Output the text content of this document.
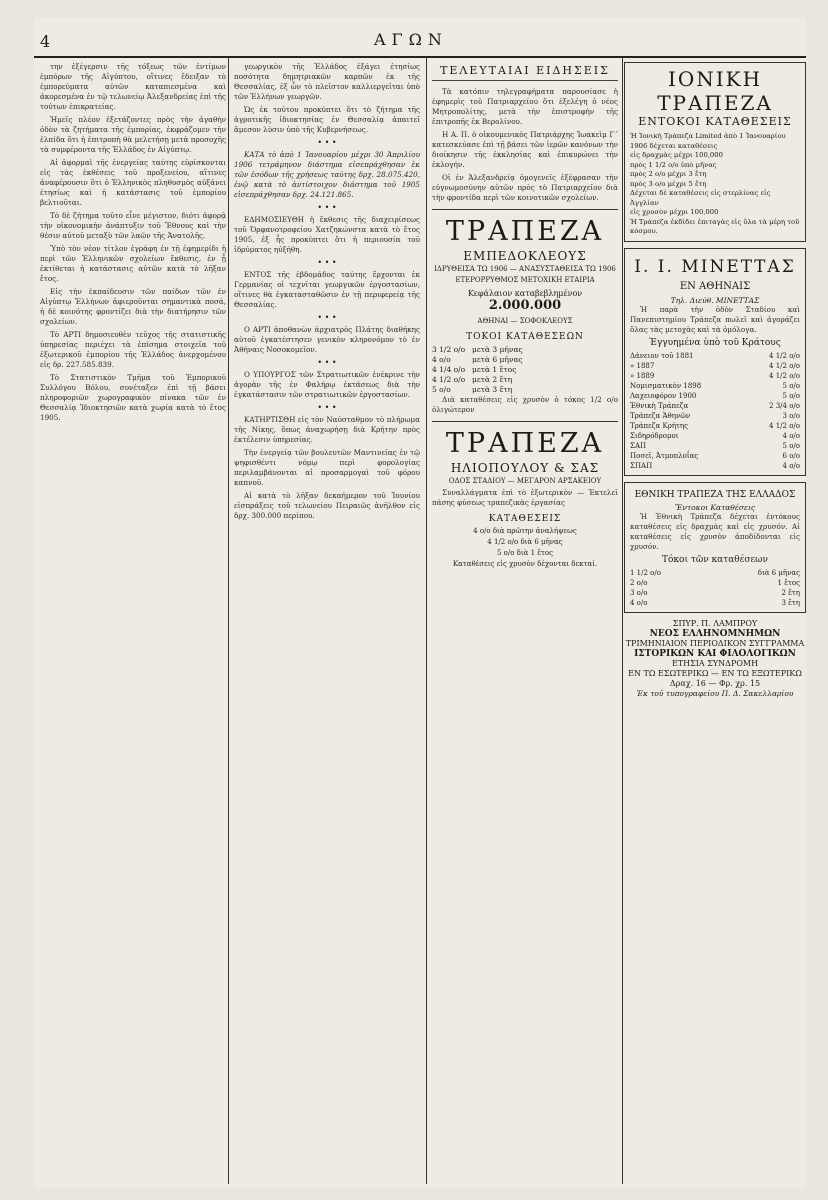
4	ΑΓΩΝ

την ἐξέγερσιν τῆς τόξεως τῶν ἐντίμων ἐμπόρων τῆς Αἰγύπτου, οἵτινες ἔδειξαν τὸ ἐμπορεύματα αὐτῶν καταπιεσμένα καὶ ἀκορεσμένα ἐν τῷ τελωνείῳ Ἀλεξανδρείας ἐπὶ τῆς τούτων ἐπικρατείας.

Ἡμεῖς πλέον ἐξετάζοντες πρὸς τὴν ἀγαθὴν ὁδὸν τὰ ζητήματα τῆς ἐμπορίας, ἐκφράζομεν τὴν ἐλπίδα ὅτι ἡ ἐπιτροπὴ θὰ μελετήσῃ μετὰ προσοχῆς τὰ συμφέροντα τῆς Ἑλλάδος ἐν Αἰγύπτῳ.

Αἱ ἀφορμαὶ τῆς ἐνεργείας ταύτης εὑρίσκονται εἰς τὰς ἐκθέσεις τοῦ προξενείου, αἵτινες ἀναφέρουσιν ὅτι ὁ Ἑλληνικὸς πληθυσμὸς αὐξάνει ἐτησίως καὶ ἡ κατάστασις τοῦ ἐμπορίου βελτιοῦται.

Τὸ δὲ ζήτημα τοῦτο εἶνε μέγιστον, διότι ἀφορᾷ τὴν οἰκονομικὴν ἀνάπτυξιν τοῦ Ἔθνους καὶ τὴν θέσιν αὐτοῦ μεταξὺ τῶν λαῶν τῆς Ἀνατολῆς.

Ὑπὸ τὸν νέον τίτλον ἐγράφη ἐν τῇ ἐφημερίδι ἡ περὶ τῶν Ἑλληνικῶν σχολείων ἔκθεσις, ἐν ᾗ ἐκτίθεται ἡ κατάστασις αὐτῶν κατὰ τὸ λῆξαν ἔτος.

Εἰς τὴν ἐκπαίδευσιν τῶν παίδων τῶν ἐν Αἰγύπτῳ Ἑλλήνων ἀφιεροῦνται σημαντικὰ ποσά, ἡ δὲ κοινότης φροντίζει διὰ τὴν διατήρησιν τῶν σχολείων.

Τὸ ΑΡΤΙ δημοσιευθὲν τεῦχος τῆς στατιστικῆς ὑπηρεσίας περιέχει τὰ ἐπίσημα στοιχεῖα τοῦ ἐξωτερικοῦ ἐμπορίου τῆς Ἑλλάδος ἀνερχομένου εἰς δρ. 227.585.839.

Τὸ Στατιστικὸν Τμῆμα τοῦ Ἐμπορικοῦ Συλλόγου Βόλου, συνέταξεν ἐπὶ τῇ βάσει πληροφοριῶν χωρογραφικὸν πίνακα τῶν ἐν Θεσσαλίᾳ Ἰδιοκτησιῶν κατὰ χωρία κατὰ τὸ ἔτος 1905.

γεωργικὸν τῆς Ἑλλάδος ἐξάγει ἐτησίως ποσότητα δημητριακῶν καρπῶν ἐκ τῆς Θεσσαλίας, ἐξ ὧν τὸ πλεῖστον καλλιεργεῖται ὑπὸ τῶν Ἑλλήνων γεωργῶν.

Ὡς ἐκ τούτου προκύπτει ὅτι τὸ ζήτημα τῆς ἀγροτικῆς ἰδιοκτησίας ἐν Θεσσαλίᾳ ἀπαιτεῖ ἄμεσον λύσιν ὑπὸ τῆς Κυβερνήσεως.

• • •

ΚΑΤΑ τὸ ἀπὸ 1 Ἰανουαρίου μέχρι 30 Ἀπριλίου 1906 τετράμηνον διάστημα εἰσεπράχθησαν ἐκ τῶν ἐσόδων τῆς χρήσεως ταύτης δρχ. 28.075.420, ἐνῷ κατὰ τὸ ἀντίστοιχον διάστημα τοῦ 1905 εἰσεπράχθησαν δρχ. 24.121.865.

• • •

ΕΔΗΜΟΣΙΕΥΘΗ ἡ ἔκθεσις τῆς διαχειρίσεως τοῦ Ὀρφανοτροφείου Χατζηκώνστα κατὰ τὸ ἔτος 1905, ἐξ ἧς προκύπτει ὅτι ἡ περιουσία τοῦ ἱδρύματος ηὐξήθη.

• • •

ΕΝΤΟΣ τῆς ἑβδομάδος ταύτης ἔρχονται ἐκ Γερμανίας οἱ τεχνῖται γεωργικῶν ἐργοστασίων, οἵτινες θὰ ἐγκατασταθῶσιν ἐν τῇ περιφερείᾳ τῆς Θεσσαλίας.

• • •

Ο ΑΡΤΙ ἀποθανὼν ἀρχιατρὸς Πλάτης διαθήκης αὐτοῦ ἐγκατέστησεν γενικὸν κληρονόμον τὸ ἐν Ἀθήναις Νοσοκομεῖον.

• • •

Ο ΥΠΟΥΡΓΟΣ τῶν Στρατιωτικῶν ἐνέκρινε τὴν ἀγορὰν τῆς ἐν Φαλήρῳ ἐκτάσεως διὰ τὴν ἐγκατάστασιν τῶν στρατιωτικῶν ἐργοστασίων.

• • •

ΚΑΤΗΡΤΙΣΘΗ εἰς τὸν Ναύσταθμον τὸ πλήρωμα τῆς Νίκης, ὅπως ἀναχωρήσῃ διὰ Κρήτην πρὸς ἐκτέλεσιν ὑπηρεσίας.

Τὴν ἐνεργείᾳ τῶν βουλευτῶν Μαντινείας ἐν τῷ ψηφισθέντι νόμῳ περὶ φορολογίας περιλαμβάνονται αἱ προσαρμογαὶ τοῦ φόρου καπνοῦ.

Αἱ κατὰ τὸ λῆξαν δεκαήμερον τοῦ Ἰουνίου εἰσπράξεις τοῦ τελωνείου Πειραιῶς ἀνῆλθον εἰς δρχ. 300.000 περίπου.

ΤΕΛΕΥΤΑΙΑΙ ΕΙΔΗΣΕΙΣ

Τὰ κατόπιν τηλεγραφήματα παρουσίασε ἡ ἐφημερὶς τοῦ Πατριαρχείου ὅτι ἐξελέγη ὁ νέος Μητροπολίτης, μετὰ τὴν ἐπιστροφὴν τῆς ἐπιτροπῆς ἐκ Βερολίνου.

Η Α. Π. ὁ οἰκουμενικὸς Πατριάρχης Ἰωακεὶμ Γ΄ κατεσκεύασε ἐπὶ τῇ βάσει τῶν ἱερῶν κανόνων τὴν διοίκησιν τῆς ἐκκλησίας καὶ ἐπικυρώνει τὴν ἐκλογήν.

Οἱ ἐν Ἀλεξανδρείᾳ ὁμογενεῖς ἐξέφρασαν τὴν εὐγνωμοσύνην αὐτῶν πρὸς τὸ Πατριαρχεῖον διὰ τὴν φροντίδα περὶ τῶν κοινοτικῶν σχολείων.

ΤΡΑΠΕΖΑ
ΕΜΠΕΔΟΚΛΕΟΥΣ
ΙΔΡΥΘΕΙΣΑ ΤΩ 1906 — ΑΝΑΣΥΣΤΑΘΕΙΣΑ ΤΩ 1906
ΕΤΕΡΟΡΡΥΘΜΟΣ ΜΕΤΟΧΙΚΗ ΕΤΑΙΡΙΑ
Κεφάλαιον καταβεβλημένον 2.000.000
ΑΘΗΝΑΙ — ΣΟΦΟΚΛΕΟΥΣ
ΤΟΚΟΙ ΚΑΤΑΘΕΣΕΩΝ
3 1/2 ο/ο μετὰ 3 μῆνας
4 ο/ο	μετὰ 6 μῆνας
4 1/4 ο/ο μετὰ 1 ἔτος
4 1/2 ο/ο μετὰ 2 ἔτη
5 ο/ο	μετὰ 3 ἔτη

Διὰ καταθέσεις εἰς χρυσὸν ὁ τόκος 1/2 ο/ο ὀλιγώτερον

ΤΡΑΠΕΖΑ
ΗΛΙΟΠΟΥΛΟΥ & ΣΑΣ
ΟΔΟΣ ΣΤΑΔΙΟΥ — ΜΕΓΑΡΟΝ ΑΡΣΑΚΕΙΟΥ

Συναλλάγματα ἐπὶ τὸ ἐξωτερικὸν — Ἐκτελεῖ πάσης φύσεως τραπεζικὰς ἐργασίας

ΚΑΤΑΘΕΣΕΙΣ
4 ο/ο διὰ πρῶτην ἀναλήψεως
4 1/2 ο/ο διὰ 6 μῆνας
5 ο/ο διὰ 1 ἔτος
Καταθέσεις εἰς χρυσὸν δέχονται δεκταί.
ΙΟΝΙΚΗ ΤΡΑΠΕΖΑ
ΕΝΤΟΚΟΙ ΚΑΤΑΘΕΣΕΙΣ
Ἡ Ἰονικὴ Τράπεζα Limited ἀπὸ 1 Ἰανουαρίου 1906 δέχεται καταθέσεις
εἰς δραχμὰς μέχρι 100,000
πρὸς 1 1/2 ο/ο ὑπὸ μῆνας
πρὸς 2 ο/ο μέχρι 3 ἔτη
πρὸς 3 ο/ο μέχρι 5 ἔτη
Δέχεται δὲ καταθέσεις εἰς στερλίνας εἰς Ἀγγλίαν
εἰς χρυσὸν μέχρι 100,000
Ἡ Τράπεζα ἐκδίδει ἐπιταγὰς εἰς ὅλα τὰ μέρη τοῦ κόσμου.
Ι. Ι. ΜΙΝΕΤΤΑΣ
ΕΝ ΑΘΗΝΑΙΣ
Τηλ. Διεύθ. ΜΙΝΕΤΤΑΣ

Ἡ παρὰ τὴν ὁδὸν Σταδίου καὶ Πανεπιστημίου Τράπεζα πωλεῖ καὶ ἀγοράζει ὅλας τὰς μετοχὰς καὶ τὰ ὁμόλογα.

Ἐγγυημένα ὑπὸ τοῦ Κράτους
Δάνειον τοῦ 1881	4 1/2 ο/ο
» 1887	4 1/2 ο/ο
» 1889	4 1/2 ο/ο
Νομισματικὸν 1898	5 ο/ο
Λαχειοφόρον 1900	5 ο/ο
Ἐθνικὴ Τράπεζα	2 3/4 ο/ο
Τράπεζα Ἀθηνῶν	3 ο/ο
Τράπεζα Κρήτης	4 1/2 ο/ο
Σιδηρόδρομοι	4 ο/ο
ΣΑΠ	5 ο/ο
Ποσεῖ, Ἀτμοπλοΐας	6 ο/ο
ΣΠΑΠ	4 ο/ο
ΕΘΝΙΚΗ ΤΡΑΠΕΖΑ ΤΗΣ ΕΛΛΑΔΟΣ
Ἔντοκοι Καταθέσεις

Ἡ Ἐθνικὴ Τράπεζα δέχεται ἐντόκους καταθέσεις εἰς δραχμὰς καὶ εἰς χρυσόν. Αἱ καταθέσεις εἰς χρυσὸν ἀποδίδονται εἰς χρυσόν.

Τόκοι τῶν καταθέσεων
1 1/2 ο/ο	διὰ 6 μῆνας
2 ο/ο	1 ἔτος
3 ο/ο	2 ἔτη
4 ο/ο	3 ἔτη
ΣΠΥΡ. Π. ΛΑΜΠΡΟΥ
ΝΕΟΣ ΕΛΛΗΝΟΜΝΗΜΩΝ
ΤΡΙΜΗΝΙΑΙΟΝ ΠΕΡΙΟΔΙΚΟΝ ΣΥΓΓΡΑΜΜΑ
ΙΣΤΟΡΙΚΩΝ ΚΑΙ ΦΙΛΟΛΟΓΙΚΩΝ
ΕΤΗΣΙΑ ΣΥΝΔΡΟΜΗ
ΕΝ ΤΩ ΕΣΩΤΕΡΙΚΩ — ΕΝ ΤΩ ΕΞΩΤΕΡΙΚΩ
Δραχ. 16 — Φρ. χρ. 15
Ἐκ τοῦ τυπογραφείου Π. Δ. Σακελλαρίου
